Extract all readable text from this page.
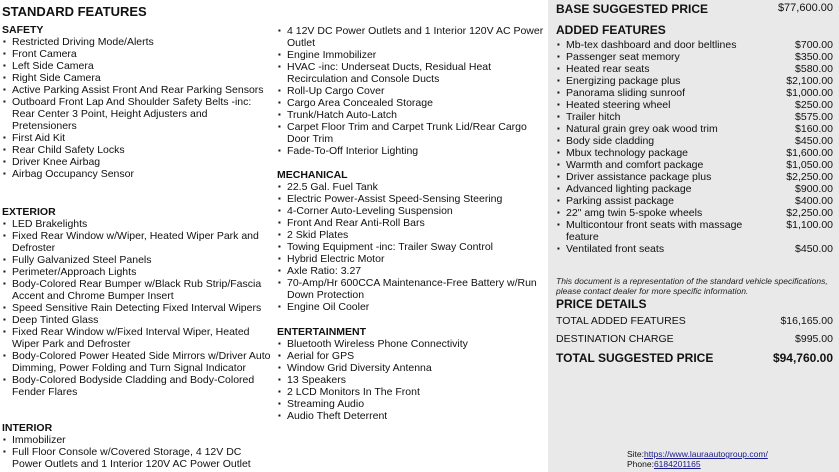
STANDARD FEATURES
SAFETY
▪ Restricted Driving Mode/Alerts
▪ Front Camera
▪ Left Side Camera
▪ Right Side Camera
▪ Active Parking Assist Front And Rear Parking Sensors
▪ Outboard Front Lap And Shoulder Safety Belts -inc: Rear Center 3 Point, Height Adjusters and Pretensioners
▪ First Aid Kit
▪ Rear Child Safety Locks
▪ Driver Knee Airbag
▪ Airbag Occupancy Sensor
EXTERIOR
▪ LED Brakelights
▪ Fixed Rear Window w/Wiper, Heated Wiper Park and Defroster
▪ Fully Galvanized Steel Panels
▪ Perimeter/Approach Lights
▪ Body-Colored Rear Bumper w/Black Rub Strip/Fascia Accent and Chrome Bumper Insert
▪ Speed Sensitive Rain Detecting Fixed Interval Wipers
▪ Deep Tinted Glass
▪ Fixed Rear Window w/Fixed Interval Wiper, Heated Wiper Park and Defroster
▪ Body-Colored Power Heated Side Mirrors w/Driver Auto Dimming, Power Folding and Turn Signal Indicator
▪ Body-Colored Bodyside Cladding and Body-Colored Fender Flares
INTERIOR
▪ Immobilizer
▪ Full Floor Console w/Covered Storage, 4 12V DC Power Outlets and 1 Interior 120V AC Power Outlet
▪ 4 12V DC Power Outlets and 1 Interior 120V AC Power Outlet
▪ Engine Immobilizer
▪ HVAC -inc: Underseat Ducts, Residual Heat Recirculation and Console Ducts
▪ Roll-Up Cargo Cover
▪ Cargo Area Concealed Storage
▪ Trunk/Hatch Auto-Latch
▪ Carpet Floor Trim and Carpet Trunk Lid/Rear Cargo Door Trim
▪ Fade-To-Off Interior Lighting
MECHANICAL
▪ 22.5 Gal. Fuel Tank
▪ Electric Power-Assist Speed-Sensing Steering
▪ 4-Corner Auto-Leveling Suspension
▪ Front And Rear Anti-Roll Bars
▪ 2 Skid Plates
▪ Towing Equipment -inc: Trailer Sway Control
▪ Hybrid Electric Motor
▪ Axle Ratio: 3.27
▪ 70-Amp/Hr 600CCA Maintenance-Free Battery w/Run Down Protection
▪ Engine Oil Cooler
ENTERTAINMENT
▪ Bluetooth Wireless Phone Connectivity
▪ Aerial for GPS
▪ Window Grid Diversity Antenna
▪ 13 Speakers
▪ 2 LCD Monitors In The Front
▪ Streaming Audio
▪ Audio Theft Deterrent
BASE SUGGESTED PRICE	$77,600.00
ADDED FEATURES
▪ Mb-tex dashboard and door beltlines	$700.00
▪ Passenger seat memory	$350.00
▪ Heated rear seats	$580.00
▪ Energizing package plus	$2,100.00
▪ Panorama sliding sunroof	$1,000.00
▪ Heated steering wheel	$250.00
▪ Trailer hitch	$575.00
▪ Natural grain grey oak wood trim	$160.00
▪ Body side cladding	$450.00
▪ Mbux technology package	$1,600.00
▪ Warmth and comfort package	$1,050.00
▪ Driver assistance package plus	$2,250.00
▪ Advanced lighting package	$900.00
▪ Parking assist package	$400.00
▪ 22" amg twin 5-spoke wheels	$2,250.00
▪ Multicontour front seats with massage feature
$1,100.00
▪ Ventilated front seats	$450.00
This document is a representation of the standard vehicle specifications, please contact dealer for more specific information.
PRICE DETAILS
TOTAL ADDED FEATURES	$16,165.00
DESTINATION CHARGE	$995.00
TOTAL SUGGESTED PRICE	$94,760.00
Site:https://www.lauraautogroup.com/
Phone:6184201165
